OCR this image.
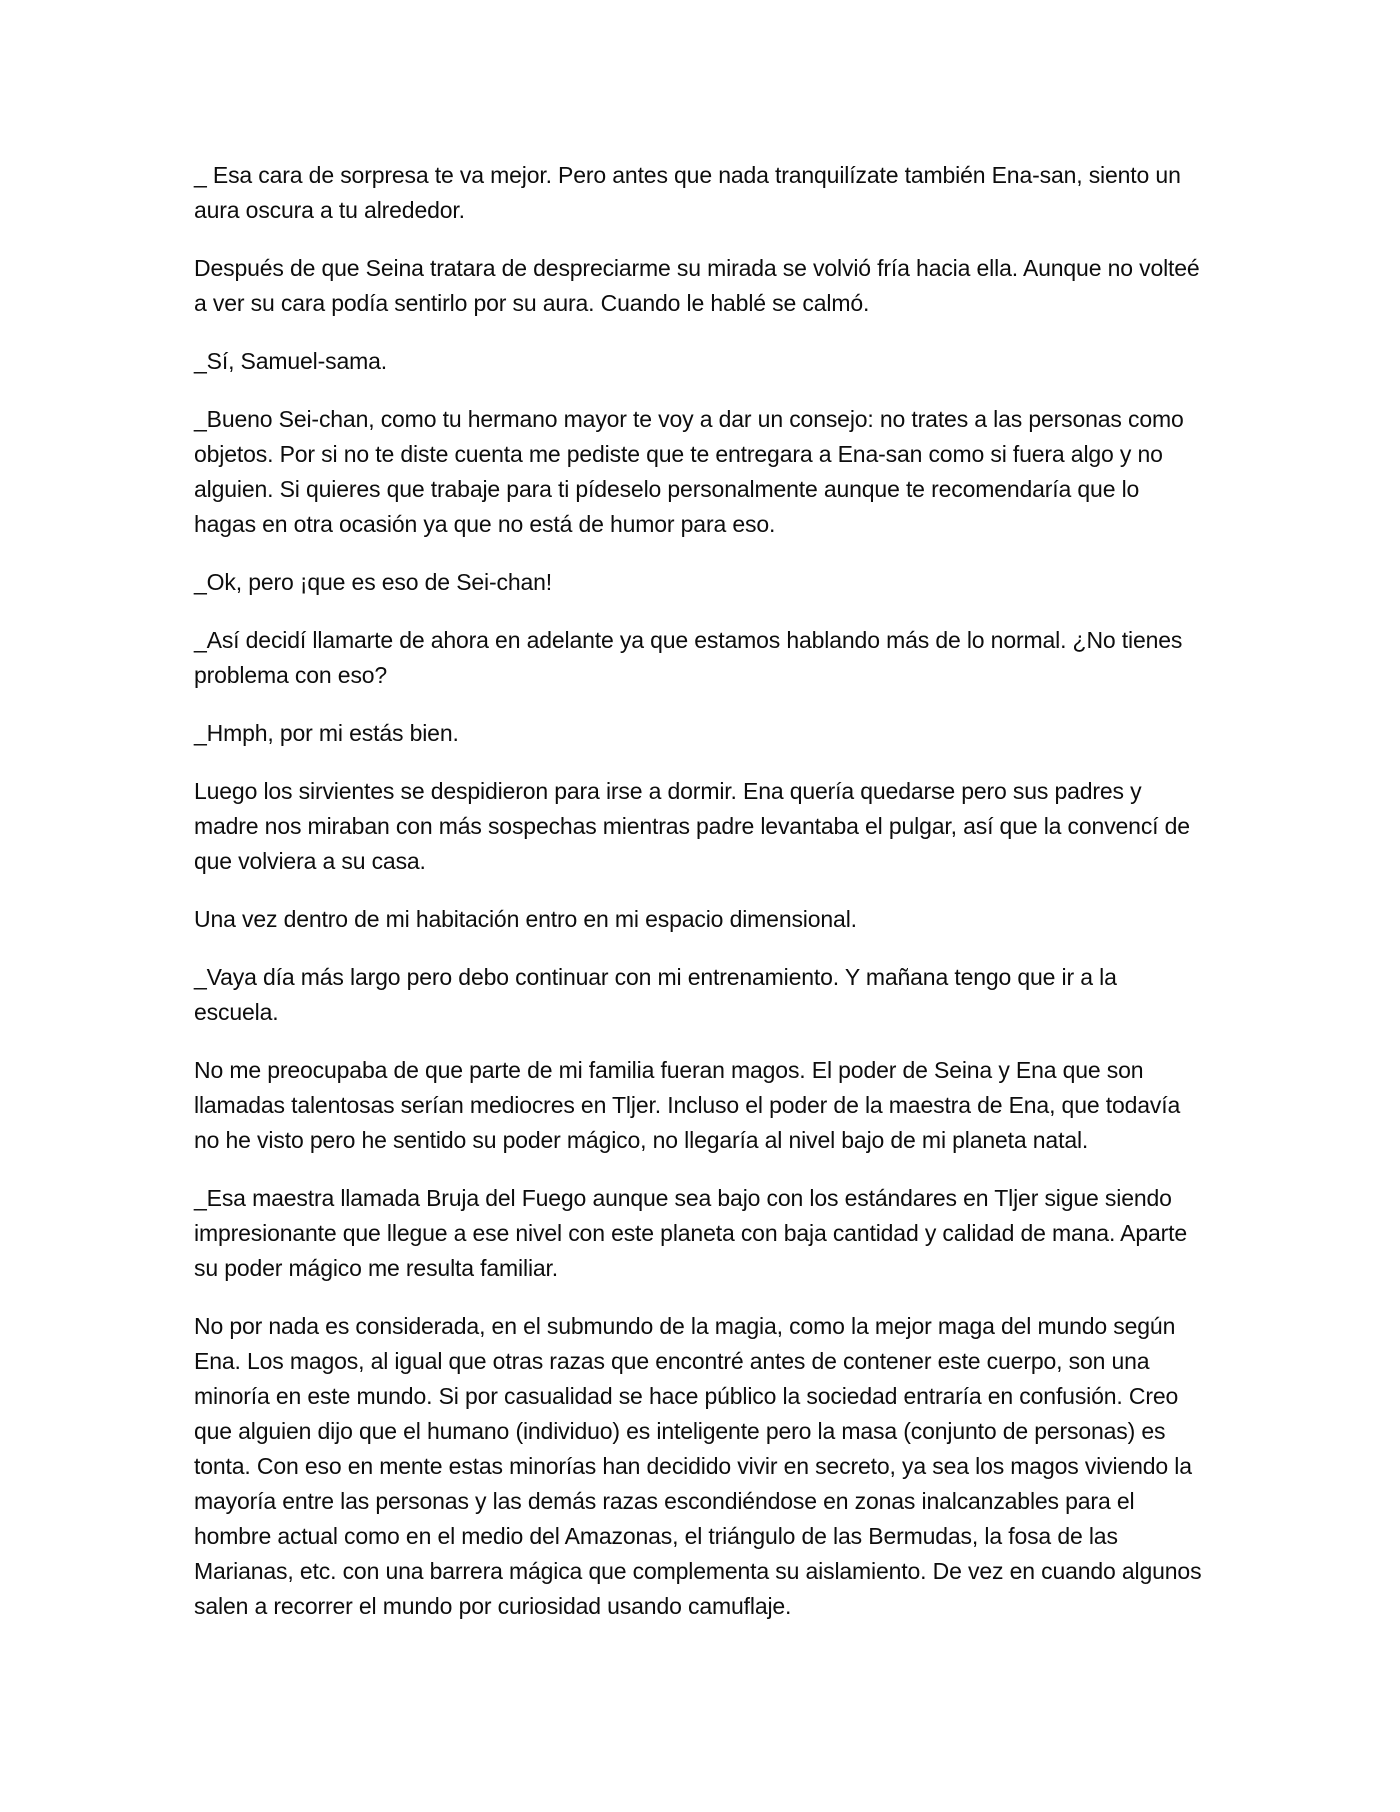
_ Esa cara de sorpresa te va mejor. Pero antes que nada tranquilízate también Ena-san, siento un aura oscura a tu alrededor.

Después de que Seina tratara de despreciarme su mirada se volvió fría hacia ella. Aunque no volteé a ver su cara podía sentirlo por su aura. Cuando le hablé se calmó.

_Sí, Samuel-sama.

_Bueno Sei-chan, como tu hermano mayor te voy a dar un consejo: no trates a las personas como objetos. Por si no te diste cuenta me pediste que te entregara a Ena-san como si fuera algo y no alguien. Si quieres que trabaje para ti pídeselo personalmente aunque te recomendaría que lo hagas en otra ocasión ya que no está de humor para eso.

_Ok, pero ¡que es eso de Sei-chan!

_Así decidí llamarte de ahora en adelante ya que estamos hablando más de lo normal. ¿No tienes problema con eso?

_Hmph, por mi estás bien.

Luego los sirvientes se despidieron para irse a dormir. Ena quería quedarse pero sus padres y madre nos miraban con más sospechas mientras padre levantaba el pulgar, así que la convencí de que volviera a su casa.

Una vez dentro de mi habitación entro en mi espacio dimensional.

_Vaya día más largo pero debo continuar con mi entrenamiento. Y mañana tengo que ir a la escuela.

No me preocupaba de que parte de mi familia fueran magos. El poder de Seina y Ena que son llamadas talentosas serían mediocres en Tljer. Incluso el poder de la maestra de Ena, que todavía no he visto pero he sentido su poder mágico, no llegaría al nivel bajo de mi planeta natal.

_Esa maestra llamada Bruja del Fuego aunque sea bajo con los estándares en Tljer sigue siendo impresionante que llegue a ese nivel con este planeta con baja cantidad y calidad de mana. Aparte su poder mágico me resulta familiar.

No por nada es considerada, en el submundo de la magia, como la mejor maga del mundo según Ena. Los magos, al igual que otras razas que encontré antes de contener este cuerpo, son una minoría en este mundo. Si por casualidad se hace público la sociedad entraría en confusión. Creo que alguien dijo que el humano (individuo) es inteligente pero la masa (conjunto de personas) es tonta. Con eso en mente estas minorías han decidido vivir en secreto, ya sea los magos viviendo la mayoría entre las personas y las demás razas escondiéndose en zonas inalcanzables para el hombre actual como en el medio del Amazonas, el triángulo de las Bermudas, la fosa de las Marianas, etc. con una barrera mágica que complementa su aislamiento. De vez en cuando algunos salen a recorrer el mundo por curiosidad usando camuflaje.
